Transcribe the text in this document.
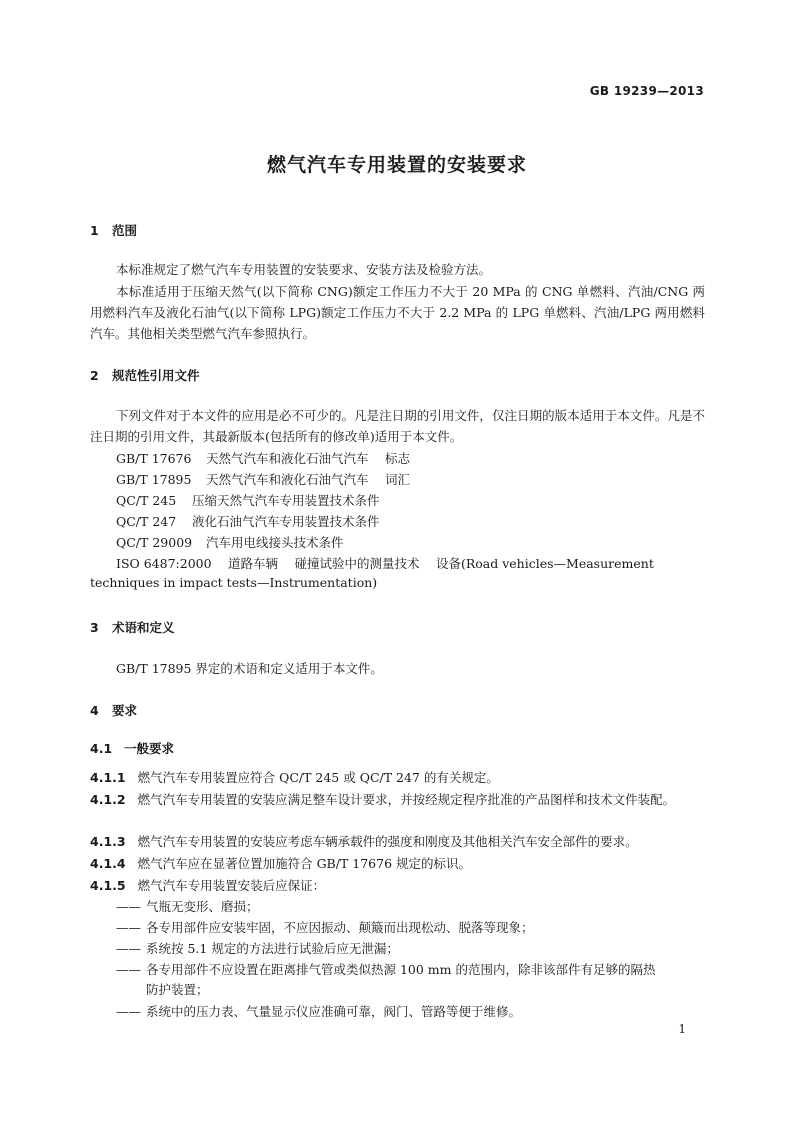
GB 19239—2013
燃气汽车专用装置的安装要求
1 范围
本标准规定了燃气汽车专用装置的安装要求、安装方法及检验方法。
本标准适用于压缩天然气(以下简称 CNG)额定工作压力不大于 20 MPa 的 CNG 单燃料、汽油/CNG 两用燃料汽车及液化石油气(以下简称 LPG)额定工作压力不大于 2.2 MPa 的 LPG 单燃料、汽油/LPG 两用燃料汽车。其他相关类型燃气汽车参照执行。
2 规范性引用文件
下列文件对于本文件的应用是必不可少的。凡是注日期的引用文件，仅注日期的版本适用于本文件。凡是不注日期的引用文件，其最新版本(包括所有的修改单)适用于本文件。
GB/T 17676 天然气汽车和液化石油气汽车　 标志
GB/T 17895 天然气汽车和液化石油气汽车　 词汇
QC/T 245 压缩天然气汽车专用装置技术条件
QC/T 247 液化石油气汽车专用装置技术条件
QC/T 29009 汽车用电线接头技术条件
ISO 6487:2000　 道路车辆　 碰撞试验中的测量技术　 设备(Road vehicles—Measurement
techniques in impact tests—Instrumentation)
3 术语和定义
GB/T 17895 界定的术语和定义适用于本文件。
4 要求
4.1 一般要求
4.1.1 燃气汽车专用装置应符合 QC/T 245 或 QC/T 247 的有关规定。
4.1.2 燃气汽车专用装置的安装应满足整车设计要求，并按经规定程序批准的产品图样和技术文件装配。
4.1.3 燃气汽车专用装置的安装应考虑车辆承载件的强度和刚度及其他相关汽车安全部件的要求。
4.1.4 燃气汽车应在显著位置加施符合 GB/T 17676 规定的标识。
4.1.5 燃气汽车专用装置安装后应保证：
—— 气瓶无变形、磨损；
—— 各专用部件应安装牢固，不应因振动、颠簸而出现松动、脱落等现象；
—— 系统按 5.1 规定的方法进行试验后应无泄漏；
—— 各专用部件不应设置在距离排气管或类似热源 100 mm 的范围内，除非该部件有足够的隔热
防护装置；
—— 系统中的压力表、气量显示仪应准确可靠，阀门、管路等便于维修。
1
